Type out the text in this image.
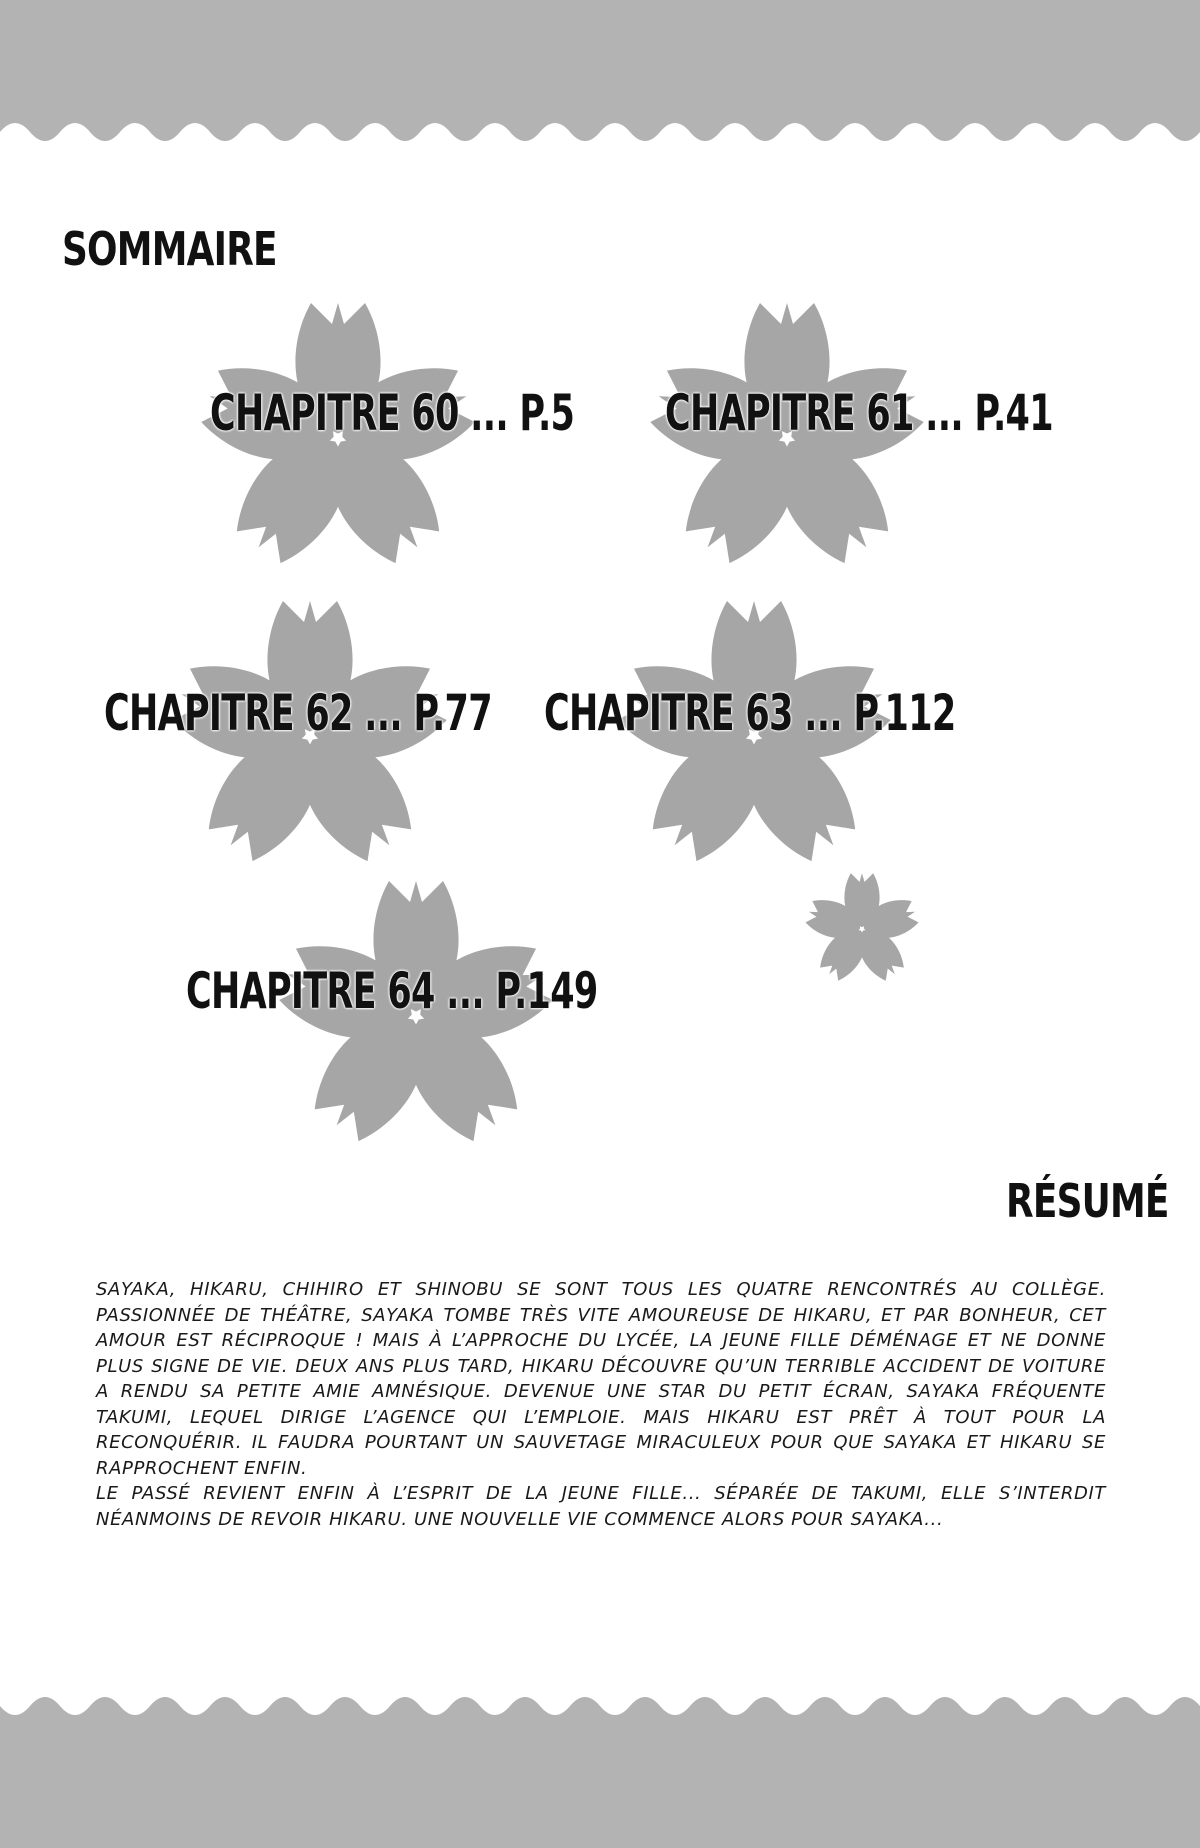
SOMMAIRE
CHAPITRE 60 ... P.5 CHAPITRE 61 ... P.41
CHAPITRE 62 ... P.77 CHAPITRE 63 ... P.112
CHAPITRE 64 ... P.149
RÉSUMÉ

SAYAKA, HIKARU, CHIHIRO ET SHINOBU SE SONT TOUS LES QUATRE RENCONTRÉS AU COLLÈGE. PASSIONNÉE DE THÉÂTRE, SAYAKA TOMBE TRÈS VITE AMOUREUSE DE HIKARU, ET PAR BONHEUR, CET AMOUR EST RÉCIPROQUE ! MAIS À L’APPROCHE DU LYCÉE, LA JEUNE FILLE DÉMÉNAGE ET NE DONNE PLUS SIGNE DE VIE. DEUX ANS PLUS TARD, HIKARU DÉCOUVRE QU’UN TERRIBLE ACCIDENT DE VOITURE A RENDU SA PETITE AMIE AMNÉSIQUE. DEVENUE UNE STAR DU PETIT ÉCRAN, SAYAKA FRÉQUENTE TAKUMI, LEQUEL DIRIGE L’AGENCE QUI L’EMPLOIE. MAIS HIKARU EST PRÊT À TOUT POUR LA RECONQUÉRIR. IL FAUDRA POURTANT UN SAUVETAGE MIRACULEUX POUR QUE SAYAKA ET HIKARU SE RAPPROCHENT ENFIN.

LE PASSÉ REVIENT ENFIN À L’ESPRIT DE LA JEUNE FILLE... SÉPARÉE DE TAKUMI, ELLE S’INTERDIT NÉANMOINS DE REVOIR HIKARU. UNE NOUVELLE VIE COMMENCE ALORS POUR SAYAKA...
